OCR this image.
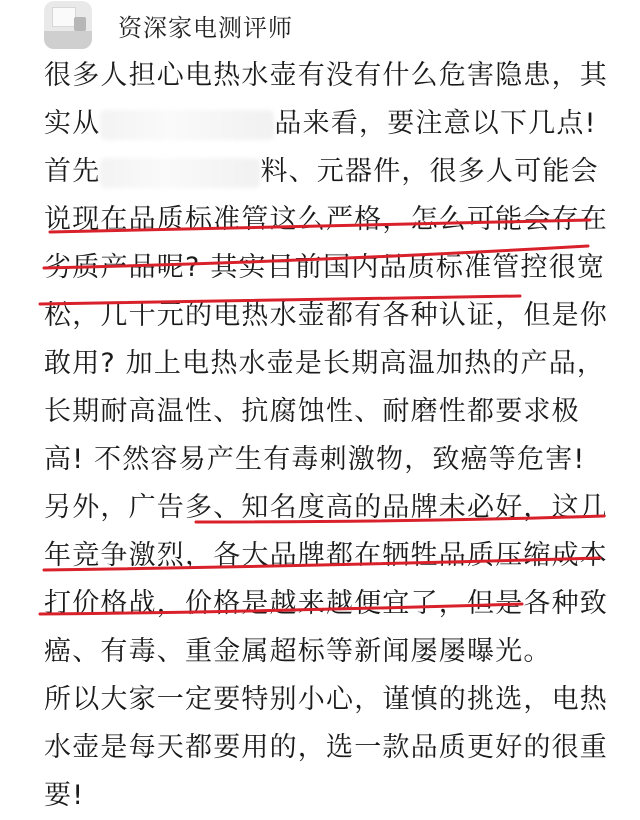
资深家电测评师
很多人担心电热水壶有没有什么危害隐患，其
实从	品来看，要注意以下几点!
首先	料、元器件，很多人可能会
说现在品质标准管这么严格，怎么可能会存在
劣质产品呢? 其实目前国内品质标准管控很宽
松，几十元的电热水壶都有各种认证，但是你
敢用? 加上电热水壶是长期高温加热的产品，
长期耐高温性、抗腐蚀性、耐磨性都要求极
高! 不然容易产生有毒刺激物，致癌等危害!
另外，广告多、知名度高的品牌未必好，这几
年竞争激烈，各大品牌都在牺牲品质压缩成本
打价格战，价格是越来越便宜了，但是各种致
癌、有毒、重金属超标等新闻屡屡曝光。
所以大家一定要特别小心，谨慎的挑选，电热
水壶是每天都要用的，选一款品质更好的很重
要!
